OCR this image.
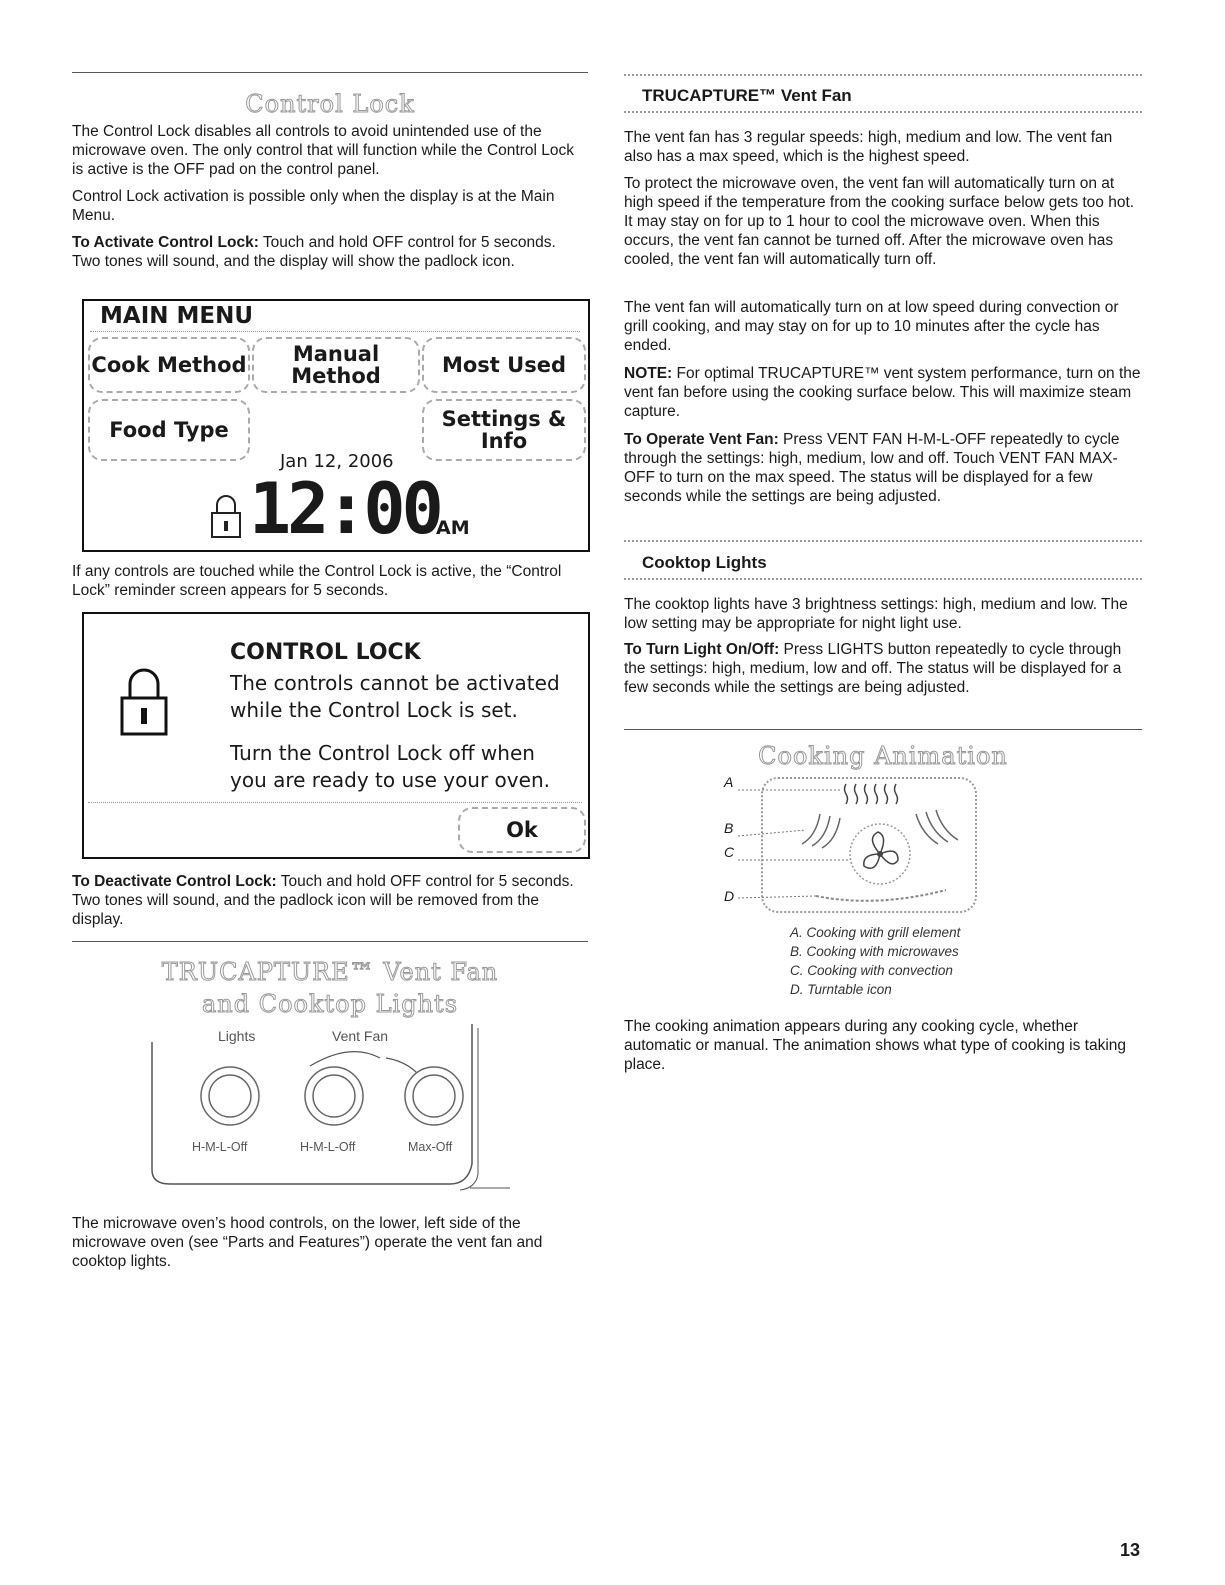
Control Lock

The Control Lock disables all controls to avoid unintended use of the microwave oven. The only control that will function while the Control Lock is active is the OFF pad on the control panel.

Control Lock activation is possible only when the display is at the Main Menu.

To Activate Control Lock: Touch and hold OFF control for 5 seconds. Two tones will sound, and the display will show the padlock icon.

MAIN MENU
Cook Method	Manual Method	Most Used
Food Type	Settings & Info
Jan 12, 2006
12:00
AM

If any controls are touched while the Control Lock is active, the “Control Lock” reminder screen appears for 5 seconds.

CONTROL LOCK
The controls cannot be activated
while the Control Lock is set.
Turn the Control Lock off when
you are ready to use your oven.
Ok

To Deactivate Control Lock: Touch and hold OFF control for 5 seconds. Two tones will sound, and the padlock icon will be removed from the display.

TRUCAPTURE™ Vent Fan
and Cooktop Lights
Lights	Vent Fan
H-M-L-Off	H-M-L-Off	Max-Off

The microwave oven’s hood controls, on the lower, left side of the microwave oven (see “Parts and Features”) operate the vent fan and cooktop lights.

TRUCAPTURE™ Vent Fan

The vent fan has 3 regular speeds: high, medium and low. The vent fan also has a max speed, which is the highest speed.

To protect the microwave oven, the vent fan will automatically turn on at high speed if the temperature from the cooking surface below gets too hot. It may stay on for up to 1 hour to cool the microwave oven. When this occurs, the vent fan cannot be turned off. After the microwave oven has cooled, the vent fan will automatically turn off.

The vent fan will automatically turn on at low speed during convection or grill cooking, and may stay on for up to 10 minutes after the cycle has ended.

NOTE: For optimal TRUCAPTURE™ vent system performance, turn on the vent fan before using the cooking surface below. This will maximize steam capture.

To Operate Vent Fan: Press VENT FAN H-M-L-OFF repeatedly to cycle through the settings: high, medium, low and off. Touch VENT FAN MAX-OFF to turn on the max speed. The status will be displayed for a few seconds while the settings are being adjusted.

Cooktop Lights

The cooktop lights have 3 brightness settings: high, medium and low. The low setting may be appropriate for night light use.

To Turn Light On/Off: Press LIGHTS button repeatedly to cycle through the settings: high, medium, low and off. The status will be displayed for a few seconds while the settings are being adjusted.

Cooking Animation
A
B
C
D

A. Cooking with grill element

B. Cooking with microwaves

C. Cooking with convection

D. Turntable icon

The cooking animation appears during any cooking cycle, whether automatic or manual. The animation shows what type of cooking is taking place.

13
